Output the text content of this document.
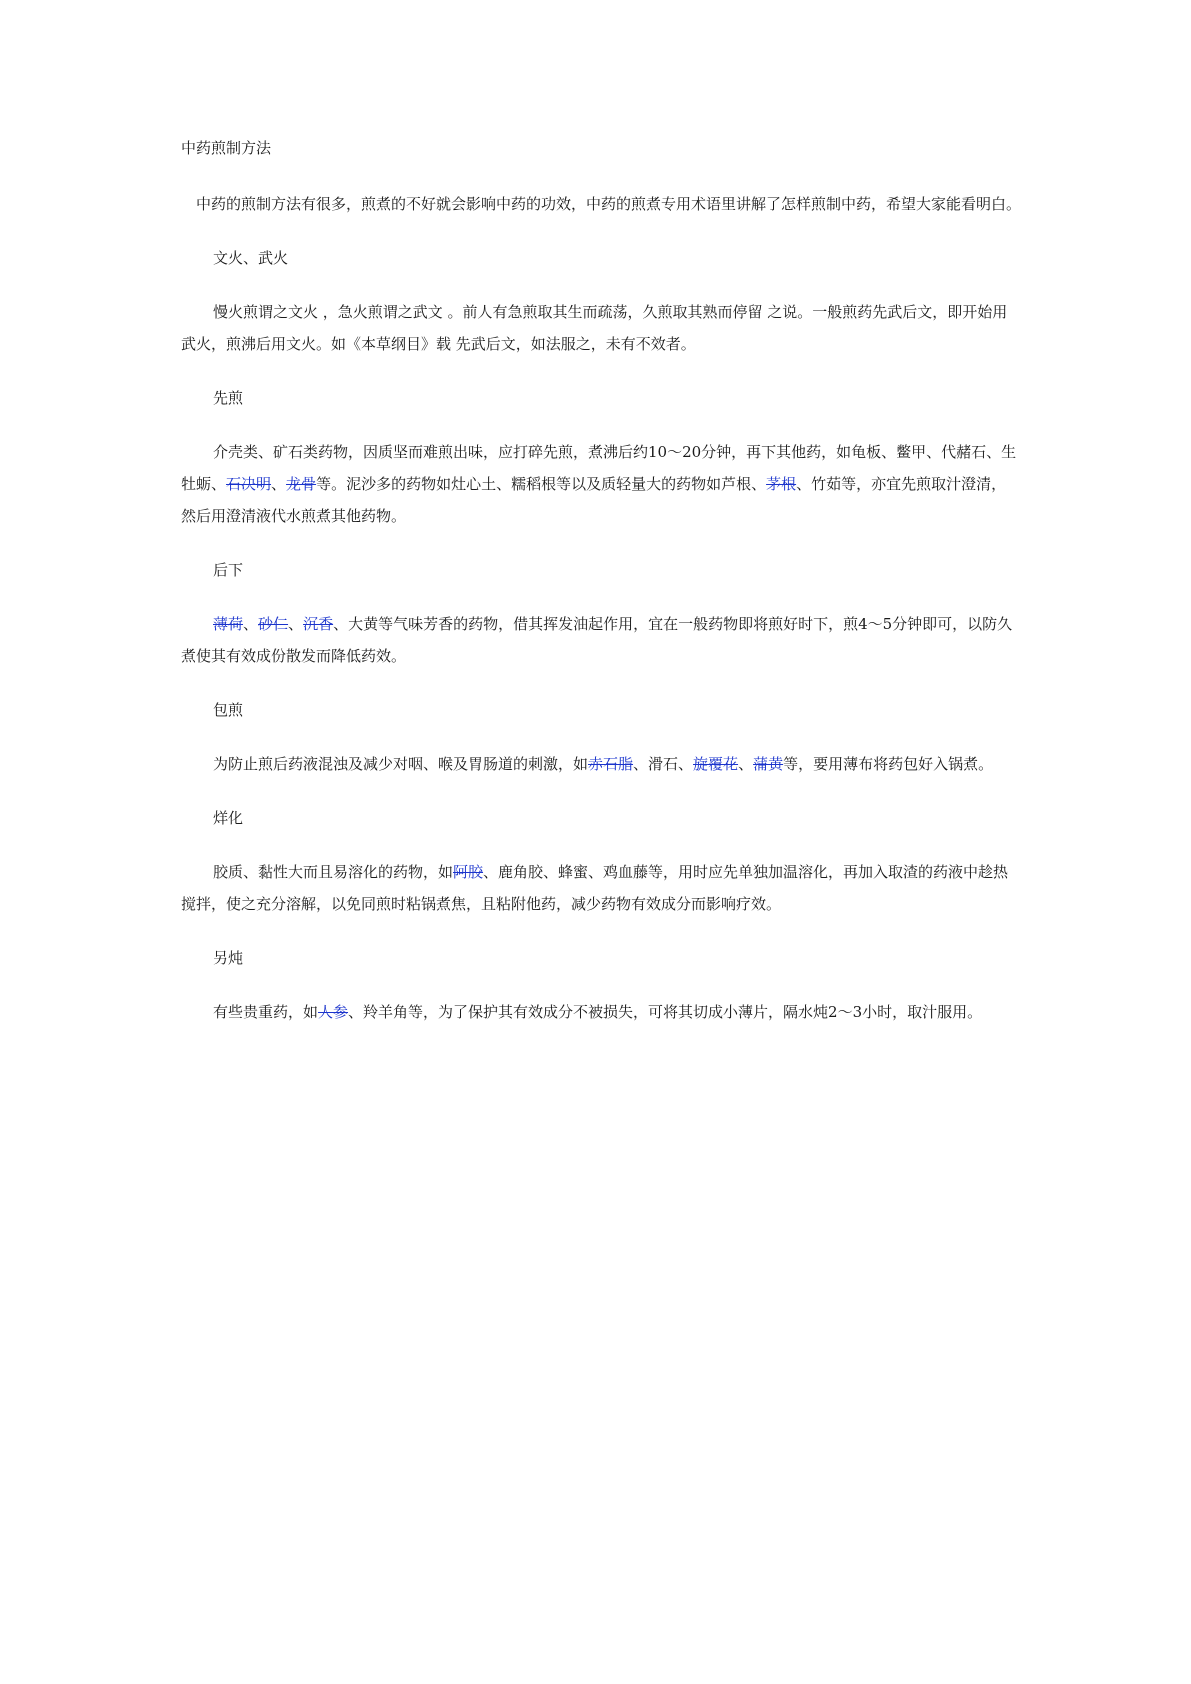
中药煎制方法

中药的煎制方法有很多，煎煮的不好就会影响中药的功效，中药的煎煮专用术语里讲解了怎样煎制中药，希望大家能看明白。

文火、武火

慢火煎谓之文火 ，急火煎谓之武文 。前人有急煎取其生而疏荡，久煎取其熟而停留 之说。一般煎药先武后文，即开始用武火，煎沸后用文火。如《本草纲目》载 先武后文，如法服之，未有不效者。

先煎

介壳类、矿石类药物，因质坚而难煎出味，应打碎先煎，煮沸后约10～20分钟，再下其他药，如龟板、鳖甲、代赭石、生牡蛎、石决明、龙骨等。泥沙多的药物如灶心土、糯稻根等以及质轻量大的药物如芦根、茅根、竹茹等，亦宜先煎取汁澄清，然后用澄清液代水煎煮其他药物。

后下

薄荷、砂仁、沉香、大黄等气味芳香的药物，借其挥发油起作用，宜在一般药物即将煎好时下，煎4～5分钟即可，以防久煮使其有效成份散发而降低药效。

包煎

为防止煎后药液混浊及减少对咽、喉及胃肠道的刺激，如赤石脂、滑石、旋覆花、蒲黄等，要用薄布将药包好入锅煮。

烊化

胶质、黏性大而且易溶化的药物，如阿胶、鹿角胶、蜂蜜、鸡血藤等，用时应先单独加温溶化，再加入取渣的药液中趁热搅拌，使之充分溶解，以免同煎时粘锅煮焦，且粘附他药，减少药物有效成分而影响疗效。

另炖

有些贵重药，如人参、羚羊角等，为了保护其有效成分不被损失，可将其切成小薄片，隔水炖2～3小时，取汁服用。
